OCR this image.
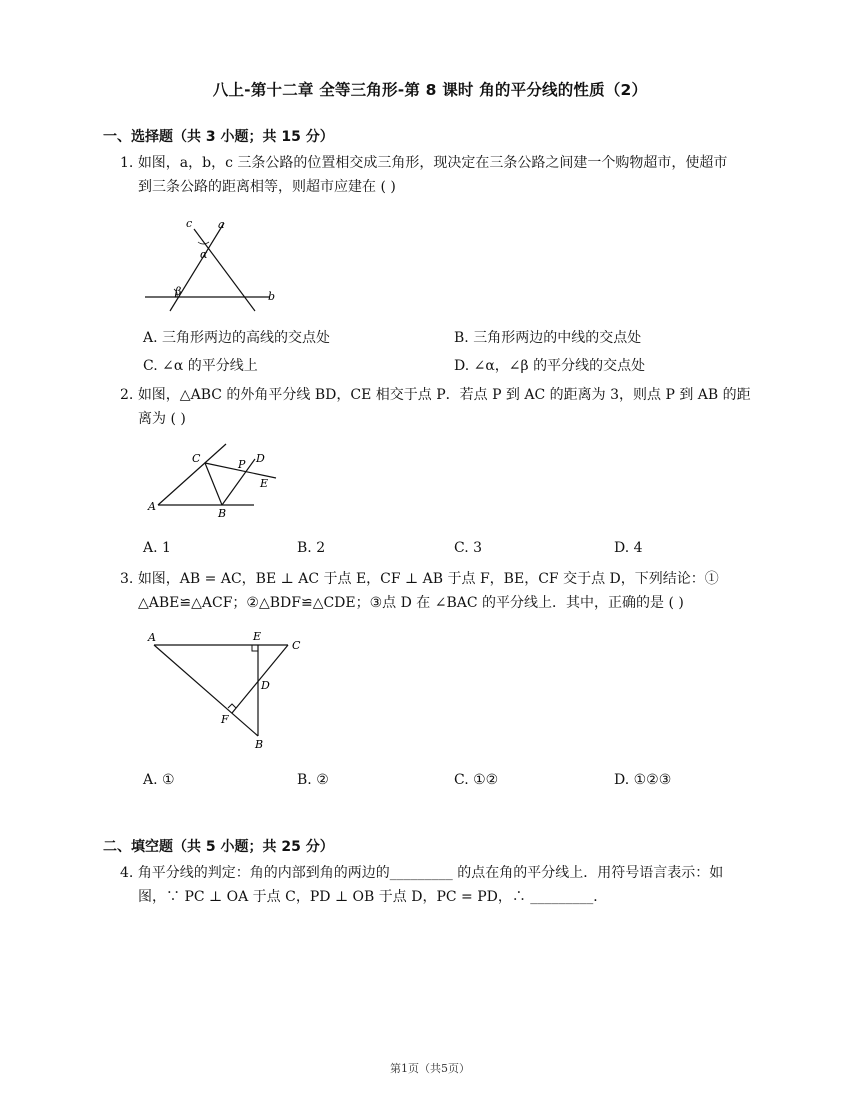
八上-第十二章 全等三角形-第 8 课时 角的平分线的性质（2）
一、选择题（共 3 小题；共 15 分）
1. 如图，a，b，c 三条公路的位置相交成三角形，现决定在三条公路之间建一个购物超市，使超市
到三条公路的距离相等，则超市应建在 ( )
c a
α
β	b
A. 三角形两边的高线的交点处	B. 三角形两边的中线的交点处
C. ∠α 的平分线上	D. ∠α，∠β 的平分线的交点处
2. 如图，△ABC 的外角平分线 BD，CE 相交于点 P．若点 P 到 AC 的距离为 3，则点 P 到 AB 的距
离为 ( )
A
B
C	P D
E
A. 1	B. 2	C. 3	D. 4
3. 如图，AB = AC，BE ⊥ AC 于点 E，CF ⊥ AB 于点 F，BE，CF 交于点 D，下列结论：①
△ABE≌△ACF；②△BDF≌△CDE；③点 D 在 ∠BAC 的平分线上．其中，正确的是 ( )
A	E
C
D
F
B
A. ①	B. ②	C. ①②	D. ①②③
二、填空题（共 5 小题；共 25 分）
4. 角平分线的判定：角的内部到角的两边的_________ 的点在角的平分线上．用符号语言表示：如
图，∵ PC ⊥ OA 于点 C，PD ⊥ OB 于点 D，PC = PD，∴ _________．
第1页（共5页）
